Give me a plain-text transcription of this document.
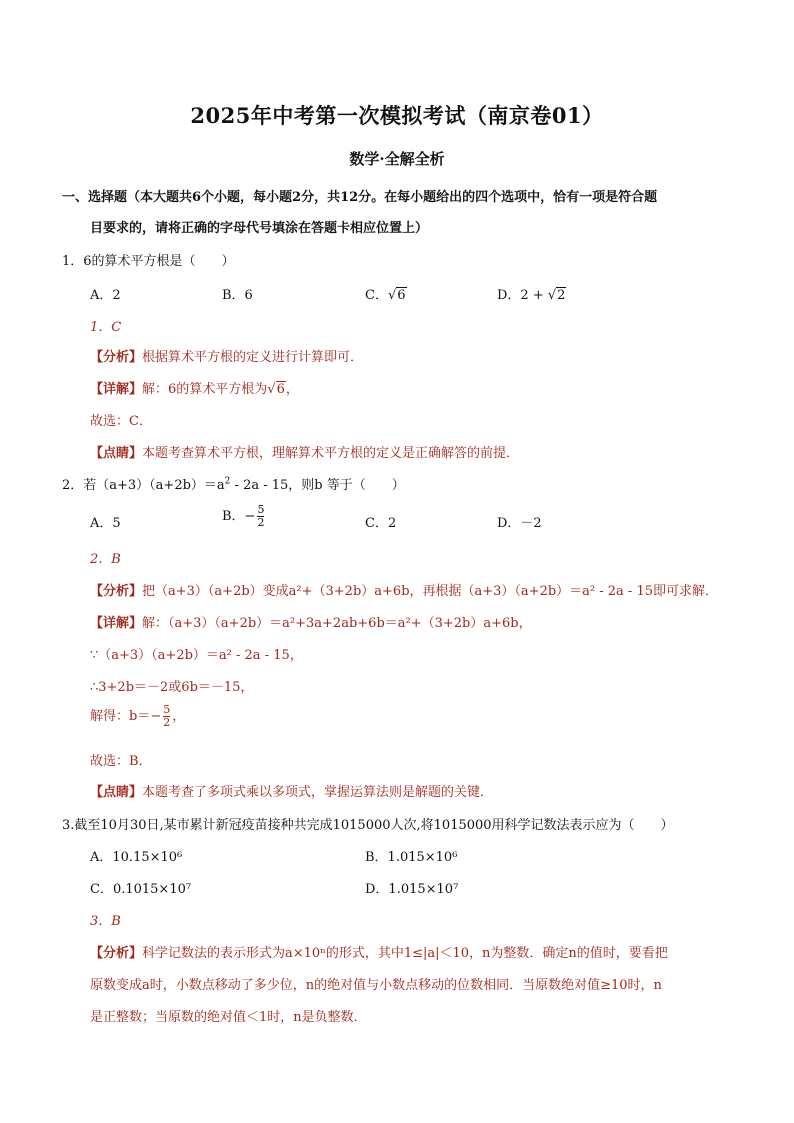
2025年中考第一次模拟考试（南京卷01）
数学·全解全析
一、选择题（本大题共6个小题，每小题2分，共12分。在每小题给出的四个选项中，恰有一项是符合题
目要求的，请将正确的字母代号填涂在答题卡相应位置上）
1．6的算术平方根是（　　）
A．2	B．6	C．√6	D．2 + √2
1．C
【分析】根据算术平方根的定义进行计算即可．
【详解】解：6的算术平方根为√6，
故选：C．
【点睛】本题考查算术平方根，理解算术平方根的定义是正确解答的前提．
2．若$(a+3)(a+2b)=a^2 - 2a - 15$，则b 等于（　　）
A．5	B．− $\frac{5}{2}$	C．2	D．－2
2．B
【分析】把（a+3）（a+2b）变成a²+（3+2b）a+6b，再根据（a+3）（a+2b）＝a² - 2a - 15即可求解．
【详解】解：（a+3）（a+2b）＝a²+3a+2ab+6b＝a²+（3+2b）a+6b，
∵（a+3）（a+2b）＝a² - 2a - 15，
∴3+2b＝－2或6b＝－15，
解得：$b=- \frac{5}{2}$ ，
故选：B．
【点睛】本题考查了多项式乘以多项式，掌握运算法则是解题的关键．
3.截至10月30日,某市累计新冠疫苗接种共完成1015000人次,将1015000用科学记数法表示应为（　　）
A．10.15×10⁶	B．1.015×10⁶
C．0.1015×10⁷	D．1.015×10⁷
3．B
【分析】科学记数法的表示形式为a×10ⁿ的形式，其中1≤|a|＜10，n为整数．确定n的值时，要看把
原数变成a时，小数点移动了多少位，n的绝对值与小数点移动的位数相同．当原数绝对值≥10时，n
是正整数；当原数的绝对值＜1时，n是负整数．
